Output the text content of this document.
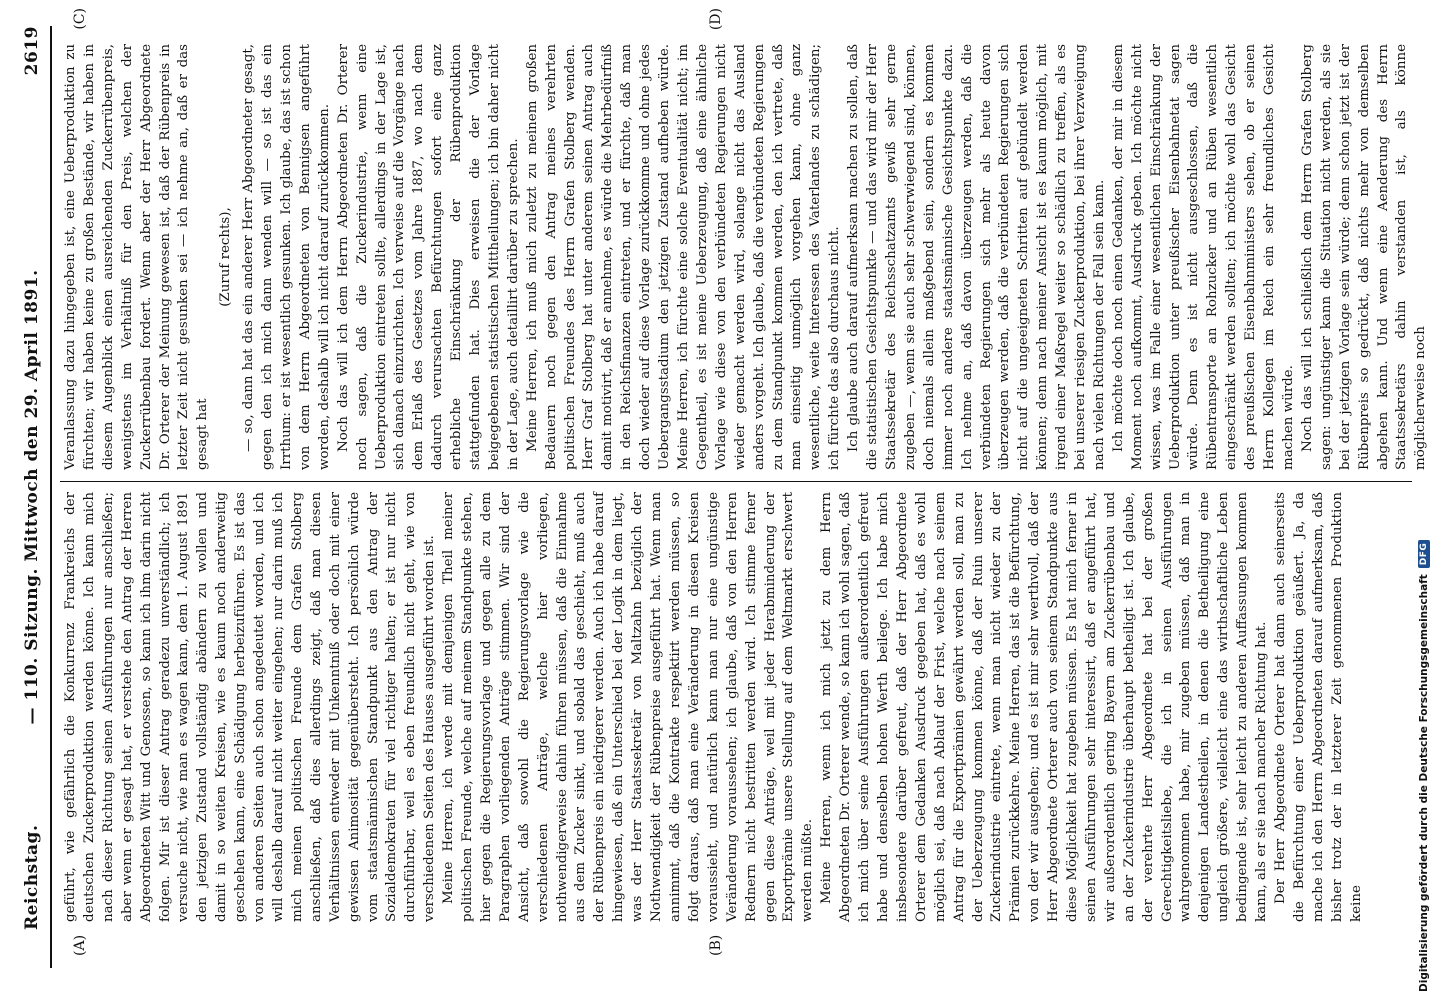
Reichstag.
— 110. Sitzung. Mittwoch den 29. April 1891.
2619
(A)	(B)
(C)	(D)

geführt, wie gefährlich die Konkurrenz Frankreichs der deutschen Zuckerproduktion werden könne. Ich kann mich nach dieser Richtung seinen Ausführungen nur anschließen; aber wenn er gesagt hat, er verstehe den Antrag der Herren Abgeordneten Witt und Genossen, so kann ich ihm darin nicht folgen. Mir ist dieser Antrag geradezu unverständlich; ich versuche nicht, wie man es wagen kann, dem 1. August 1891 den jetzigen Zustand vollständig abändern zu wollen und damit in so weiten Kreisen, wie es kaum noch anderweitig geschehen kann, eine Schädigung herbeizuführen. Es ist das von anderen Seiten auch schon angedeutet worden, und ich will deshalb darauf nicht weiter eingehen; nur darin muß ich mich meinen politischen Freunde dem Grafen Stolberg anschließen, daß dies allerdings zeigt, daß man diesen Verhältnissen entweder mit Unkenntniß oder doch mit einer gewissen Animosität gegenübersteht. Ich persönlich würde vom staatsmännischen Standpunkt aus den Antrag der Sozialdemokraten für viel richtiger halten; er ist nur nicht durchführbar, weil es eben freundlich nicht geht, wie von verschiedenen Seiten des Hauses ausgeführt worden ist. Meine Herren, ich werde mit demjenigen Theil meiner politischen Freunde, welche auf meinem Standpunkte stehen, hier gegen die Regierungsvorlage und gegen alle zu dem Paragraphen vorliegenden Anträge stimmen. Wir sind der Ansicht, daß sowohl die Regierungsvorlage wie die verschiedenen Anträge, welche hier vorliegen, nothwendigerweise dahin führen müssen, daß die Einnahme aus dem Zucker sinkt, und sobald das geschieht, muß auch der Rübenpreis ein niedrigerer werden. Auch ich habe darauf hingewiesen, daß ein Unterschied bei der Logik in dem liegt, was der Herr Staatssekretär von Maltzahn bezüglich der Nothwendigkeit der Rübenpreise ausgeführt hat. Wenn man annimmt, daß die Kontrakte respektirt werden müssen, so folgt daraus, daß man eine Veränderung in diesen Kreisen voraussieht, und natürlich kann man nur eine ungünstige Veränderung voraussehen; ich glaube, daß von den Herren Rednern nicht bestritten werden wird. Ich stimme ferner gegen diese Anträge, weil mit jeder Herabminderung der Exportprämie unsere Stellung auf dem Weltmarkt erschwert werden müßte. Meine Herren, wenn ich mich jetzt zu dem Herrn Abgeordneten Dr. Orterer wende, so kann ich wohl sagen, daß ich mich über seine Ausführungen außerordentlich gefreut habe und denselben hohen Werth beilege. Ich habe mich insbesondere darüber gefreut, daß der Herr Abgeordnete Orterer dem Gedanken Ausdruck gegeben hat, daß es wohl möglich sei, daß nach Ablauf der Frist, welche nach seinem Antrag für die Exportprämien gewährt werden soll, man zu der Ueberzeugung kommen könne, daß der Ruin unserer Zuckerindustrie eintrete, wenn man nicht wieder zu der Prämien zurückkehre. Meine Herren, das ist die Befürchtung, von der wir ausgehen; und es ist mir sehr werthvoll, daß der Herr Abgeordnete Orterer auch von seinem Standpunkte aus diese Möglichkeit hat zugeben müssen. Es hat mich ferner in seinen Ausführungen sehr interessirt, daß er angeführt hat, wir außerordentlich gering Bayern am Zuckerrübenbau und an der Zuckerindustrie überhaupt betheiligt ist. Ich glaube, der verehrte Herr Abgeordnete hat bei der großen Gerechtigkeitsliebe, die ich in seinen Ausführungen wahrgenommen habe, mir zugeben müssen, daß man in denjenigen Landestheilen, in denen die Betheiligung eine ungleich größere, vielleicht eine das wirthschaftliche Leben bedingende ist, sehr leicht zu anderen Auffassungen kommen kann, als er sie nach mancher Richtung hat. Der Herr Abgeordnete Orterer hat dann auch seinerseits die Befürchtung einer Ueberproduktion geäußert. Ja, da mache ich den Herrn Abgeordneten darauf aufmerksam, daß bisher trotz der in letzterer Zeit genommenen Produktion keine

Veranlassung dazu hingegeben ist, eine Ueberproduktion zu fürchten; wir haben keine zu großen Bestände, wir haben in diesem Augenblick einen ausreichenden Zuckerrübenpreis, wenigstens im Verhältniß für den Preis, welchen der Zuckerrübenbau fordert. Wenn aber der Herr Abgeordnete Dr. Orterer der Meinung gewesen ist, daß der Rübenpreis in letzter Zeit nicht gesunken sei — ich nehme an, daß er das gesagt hat

(Zuruf rechts), — so, dann hat das ein anderer Herr Abgeordneter gesagt, gegen den ich mich dann wenden will — so ist das ein Irrthum: er ist wesentlich gesunken. Ich glaube, das ist schon von dem Herrn Abgeordneten von Bennigsen angeführt worden, deshalb will ich nicht darauf zurückkommen. Noch das will ich dem Herrn Abgeordneten Dr. Orterer noch sagen, daß die Zuckerindustrie, wenn eine Ueberproduktion eintreten sollte, allerdings in der Lage ist, sich danach einzurichten. Ich verweise auf die Vorgänge nach dem Erlaß des Gesetzes vom Jahre 1887, wo nach dem dadurch verursachten Befürchtungen sofort eine ganz erhebliche Einschränkung der Rübenproduktion stattgefunden hat. Dies erweisen die der Vorlage beigegebenen statistischen Mittheilungen; ich bin daher nicht in der Lage, auch detaillirt darüber zu sprechen. Meine Herren, ich muß mich zuletzt zu meinem großen Bedauern noch gegen den Antrag meines verehrten politischen Freundes des Herrn Grafen Stolberg wenden. Herr Graf Stolberg hat unter anderem seinen Antrag auch damit motivirt, daß er annehme, es würde die Mehrbedürfniß in den Reichsfinanzen eintreten, und er fürchte, daß man doch wieder auf diese Vorlage zurückkomme und ohne jedes Uebergangsstadium den jetzigen Zustand aufheben würde. Meine Herren, ich fürchte eine solche Eventualität nicht; im Gegentheil, es ist meine Ueberzeugung, daß eine ähnliche Vorlage wie diese von den verbündeten Regierungen nicht wieder gemacht werden wird, solange nicht das Ausland anders vorgeht. Ich glaube, daß die verbündeten Regierungen zu dem Standpunkt kommen werden, den ich vertrete, daß man einseitig unmöglich vorgehen kann, ohne ganz wesentliche, weite Interessen des Vaterlandes zu schädigen; ich fürchte das also durchaus nicht. Ich glaube auch darauf aufmerksam machen zu sollen, daß die statistischen Gesichtspunkte — und das wird mir der Herr Staatssekretär des Reichsschatzamts gewiß sehr gerne zugeben —, wenn sie auch sehr schwerwiegend sind, können, doch niemals allein maßgebend sein, sondern es kommen immer noch andere staatsmännische Gesichtspunkte dazu. Ich nehme an, daß davon überzeugen werden, daß die verbündeten Regierungen sich mehr als heute davon überzeugen werden, daß die verbündeten Regierungen sich nicht auf die ungeeigneten Schritten auf gebündelt werden können; denn nach meiner Ansicht ist es kaum möglich, mit irgend einer Maßregel weiter so schädlich zu treffen, als es bei unserer riesigen Zuckerproduktion, bei ihrer Verzweigung nach vielen Richtungen der Fall sein kann. Ich möchte doch noch einen Gedanken, der mir in diesem Moment noch aufkommt, Ausdruck geben. Ich möchte nicht wissen, was im Falle einer wesentlichen Einschränkung der Ueberproduktion unter preußischer Eisenbahnetat sagen würde. Denn es ist nicht ausgeschlossen, daß die Rübentransporte an Rohzucker und an Rüben wesentlich eingeschränkt werden sollten; ich möchte wohl das Gesicht des preußischen Eisenbahnministers sehen, ob er seinen Herrn Kollegen im Reich ein sehr freundliches Gesicht machen würde. Noch das will ich schließlich dem Herrn Grafen Stolberg sagen: ungünstiger kann die Situation nicht werden, als sie bei der jetzigen Vorlage sein würde; denn schon jetzt ist der Rübenpreis so gedrückt, daß nichts mehr von demselben abgehen kann. Und wenn eine Aenderung des Herrn Staatssekretärs dahin verstanden ist, als könne möglicherweise noch

Digitalisierung gefördert durch die Deutsche Forschungsgemeinschaft
DFG
